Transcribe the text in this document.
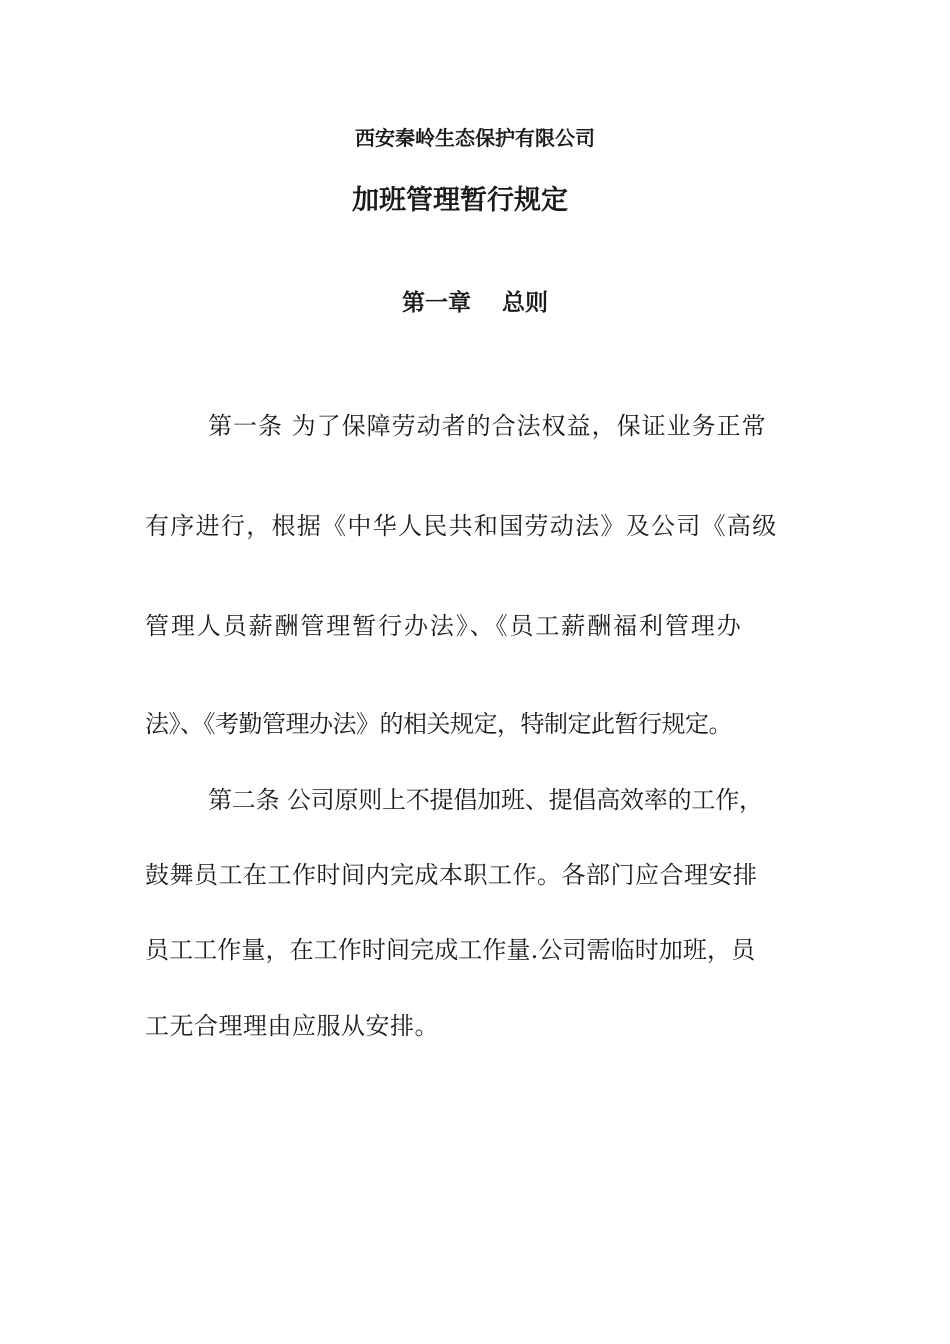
西安秦岭生态保护有限公司
加班管理暂行规定
第一章　 总则
第一条 为了保障劳动者的合法权益，保证业务正常
有序进行，根据《中华人民共和国劳动法》及公司《高级
管理人员薪酬管理暂行办法》、《员工薪酬福利管理办
法》、《考勤管理办法》的相关规定，特制定此暂行规定。
第二条 公司原则上不提倡加班、提倡高效率的工作，
鼓舞员工在工作时间内完成本职工作。各部门应合理安排
员工工作量，在工作时间完成工作量.公司需临时加班，员
工无合理理由应服从安排。
